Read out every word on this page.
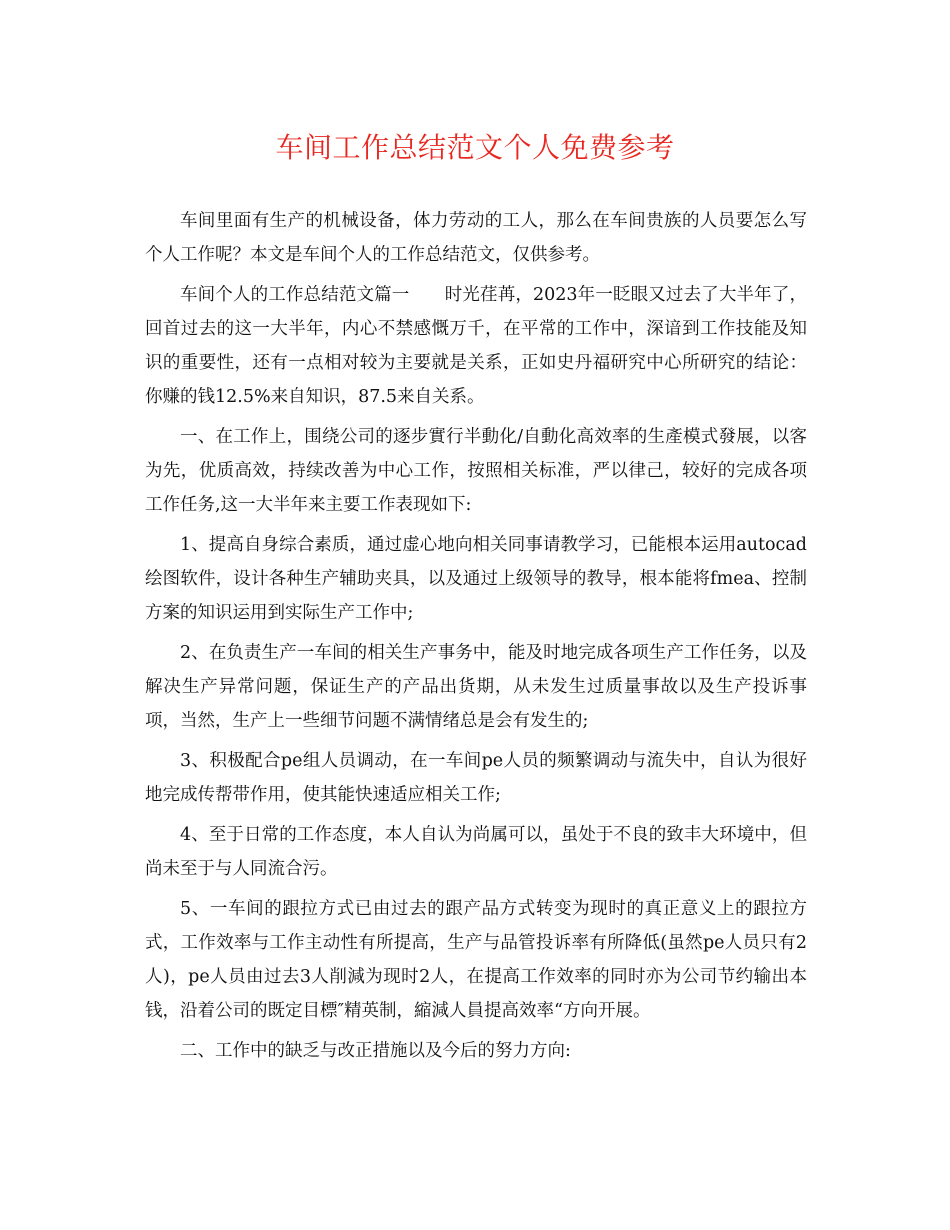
车间工作总结范文个人免费参考

车间里面有生产的机械设备，体力劳动的工人，那么在车间贵族的人员要怎么写个人工作呢？本文是车间个人的工作总结范文，仅供参考。

车间个人的工作总结范文篇一　　时光荏苒，2023年一眨眼又过去了大半年了，回首过去的这一大半年，内心不禁感慨万千，在平常的工作中，深谙到工作技能及知识的重要性，还有一点相对较为主要就是关系，正如史丹福研究中心所研究的结论：你赚的钱12.5%来自知识，87.5来自关系。

一、在工作上，围绕公司的逐步實行半動化/自動化高效率的生產模式發展，以客为先，优质高效，持续改善为中心工作，按照相关标准，严以律己，较好的完成各项工作任务,这一大半年来主要工作表现如下:

1、提高自身综合素质，通过虚心地向相关同事请教学习，已能根本运用autocad绘图软件，设计各种生产辅助夹具，以及通过上级领导的教导，根本能将fmea、控制方案的知识运用到实际生产工作中;

2、在负责生产一车间的相关生产事务中，能及时地完成各项生产工作任务，以及解决生产异常问题，保证生产的产品出货期，从未发生过质量事故以及生产投诉事项，当然，生产上一些细节问题不满情绪总是会有发生的;

3、积极配合pe组人员调动，在一车间pe人员的频繁调动与流失中，自认为很好地完成传帮带作用，使其能快速适应相关工作;

4、至于日常的工作态度，本人自认为尚属可以，虽处于不良的致丰大环境中，但尚未至于与人同流合污。

5、一车间的跟拉方式已由过去的跟产品方式转变为现时的真正意义上的跟拉方式，工作效率与工作主动性有所提高，生产与品管投诉率有所降低(虽然pe人员只有2人)，pe人员由过去3人削減为现时2人，在提高工作效率的同时亦为公司节约输出本钱，沿着公司的既定目標″精英制，縮減人員提高效率“方向开展。

二、工作中的缺乏与改正措施以及今后的努力方向:
